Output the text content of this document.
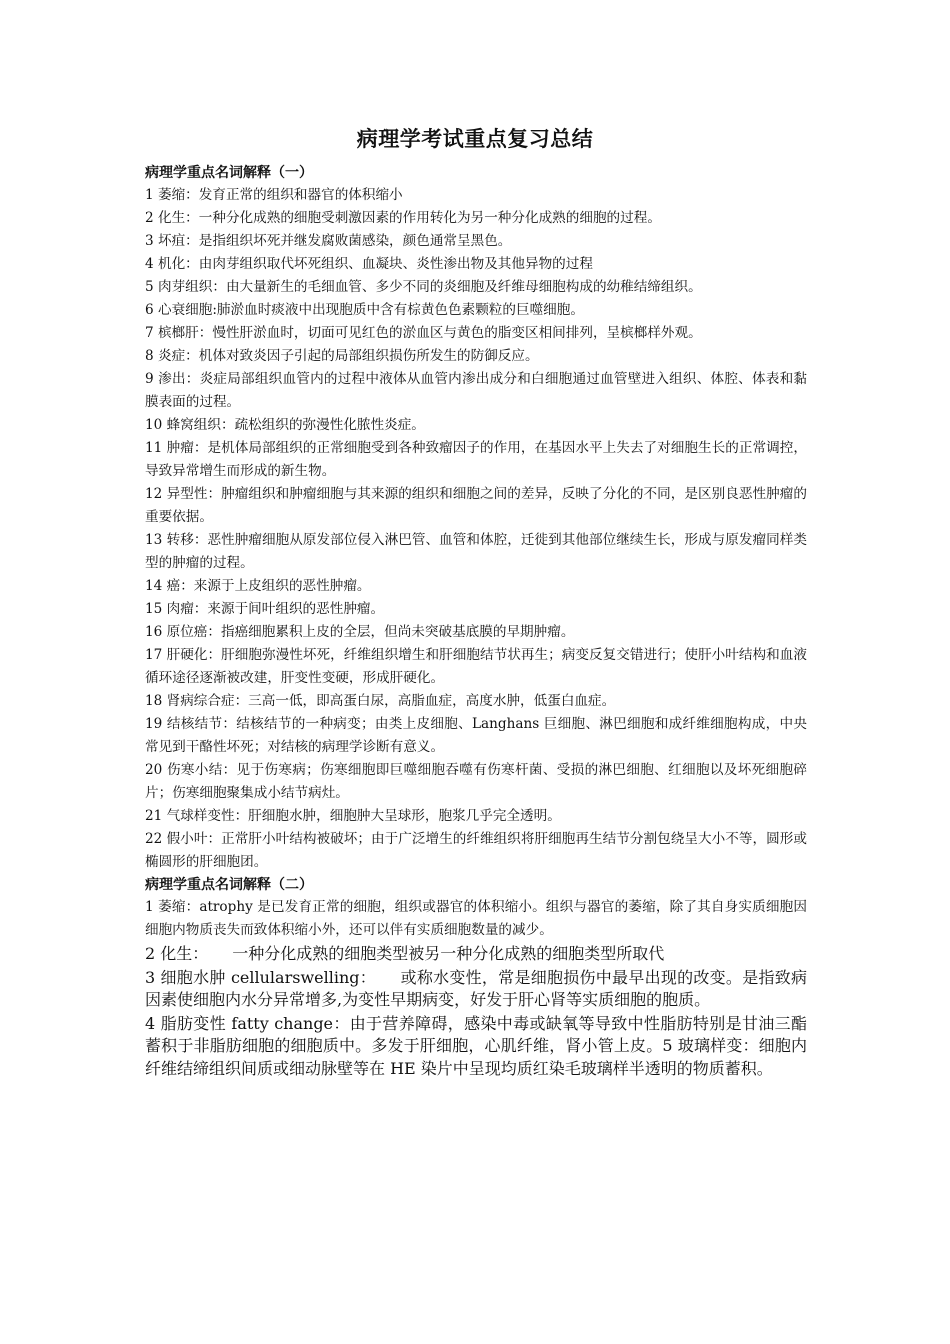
病理学考试重点复习总结

病理学重点名词解释（一）

1 萎缩：发育正常的组织和器官的体积缩小

2 化生：一种分化成熟的细胞受刺激因素的作用转化为另一种分化成熟的细胞的过程。

3 坏疽：是指组织坏死并继发腐败菌感染，颜色通常呈黑色。

4 机化：由肉芽组织取代坏死组织、血凝块、炎性渗出物及其他异物的过程

5 肉芽组织：由大量新生的毛细血管、多少不同的炎细胞及纤维母细胞构成的幼稚结缔组织。

6 心衰细胞:肺淤血时痰液中出现胞质中含有棕黄色色素颗粒的巨噬细胞。

7 槟榔肝：慢性肝淤血时，切面可见红色的淤血区与黄色的脂变区相间排列，呈槟榔样外观。

8 炎症：机体对致炎因子引起的局部组织损伤所发生的防御反应。

9 渗出：炎症局部组织血管内的过程中液体从血管内渗出成分和白细胞通过血管壁进入组织、体腔、体表和黏膜表面的过程。

10 蜂窝组织：疏松组织的弥漫性化脓性炎症。

11 肿瘤：是机体局部组织的正常细胞受到各种致瘤因子的作用，在基因水平上失去了对细胞生长的正常调控，导致异常增生而形成的新生物。

12 异型性：肿瘤组织和肿瘤细胞与其来源的组织和细胞之间的差异，反映了分化的不同，是区别良恶性肿瘤的重要依据。

13 转移：恶性肿瘤细胞从原发部位侵入淋巴管、血管和体腔，迁徙到其他部位继续生长，形成与原发瘤同样类型的肿瘤的过程。

14 癌：来源于上皮组织的恶性肿瘤。

15 肉瘤：来源于间叶组织的恶性肿瘤。

16 原位癌：指癌细胞累积上皮的全层，但尚未突破基底膜的早期肿瘤。

17 肝硬化：肝细胞弥漫性坏死，纤维组织增生和肝细胞结节状再生；病变反复交错进行；使肝小叶结构和血液循环途径逐渐被改建，肝变性变硬，形成肝硬化。

18 肾病综合症：三高一低，即高蛋白尿，高脂血症，高度水肿，低蛋白血症。

19 结核结节：结核结节的一种病变；由类上皮细胞、Langhans 巨细胞、淋巴细胞和成纤维细胞构成，中央常见到干酪性坏死；对结核的病理学诊断有意义。

20 伤寒小结：见于伤寒病；伤寒细胞即巨噬细胞吞噬有伤寒杆菌、受损的淋巴细胞、红细胞以及坏死细胞碎片；伤寒细胞聚集成小结节病灶。

21 气球样变性：肝细胞水肿，细胞肿大呈球形，胞浆几乎完全透明。

22 假小叶：正常肝小叶结构被破坏；由于广泛增生的纤维组织将肝细胞再生结节分割包绕呈大小不等，圆形或椭圆形的肝细胞团。

病理学重点名词解释（二）

1 萎缩：atrophy 是已发育正常的细胞，组织或器官的体积缩小。组织与器官的萎缩，除了其自身实质细胞因细胞内物质丧失而致体积缩小外，还可以伴有实质细胞数量的减少。

2 化生：　　一种分化成熟的细胞类型被另一种分化成熟的细胞类型所取代

3 细胞水肿 cellularswelling：　　或称水变性，常是细胞损伤中最早出现的改变。是指致病因素使细胞内水分异常增多,为变性早期病变，好发于肝心肾等实质细胞的胞质。

4 脂肪变性 fatty change：由于营养障碍，感染中毒或缺氧等导致中性脂肪特别是甘油三酯蓄积于非脂肪细胞的细胞质中。多发于肝细胞，心肌纤维，肾小管上皮。5 玻璃样变：细胞内纤维结缔组织间质或细动脉壁等在 HE 染片中呈现均质红染毛玻璃样半透明的物质蓄积。
